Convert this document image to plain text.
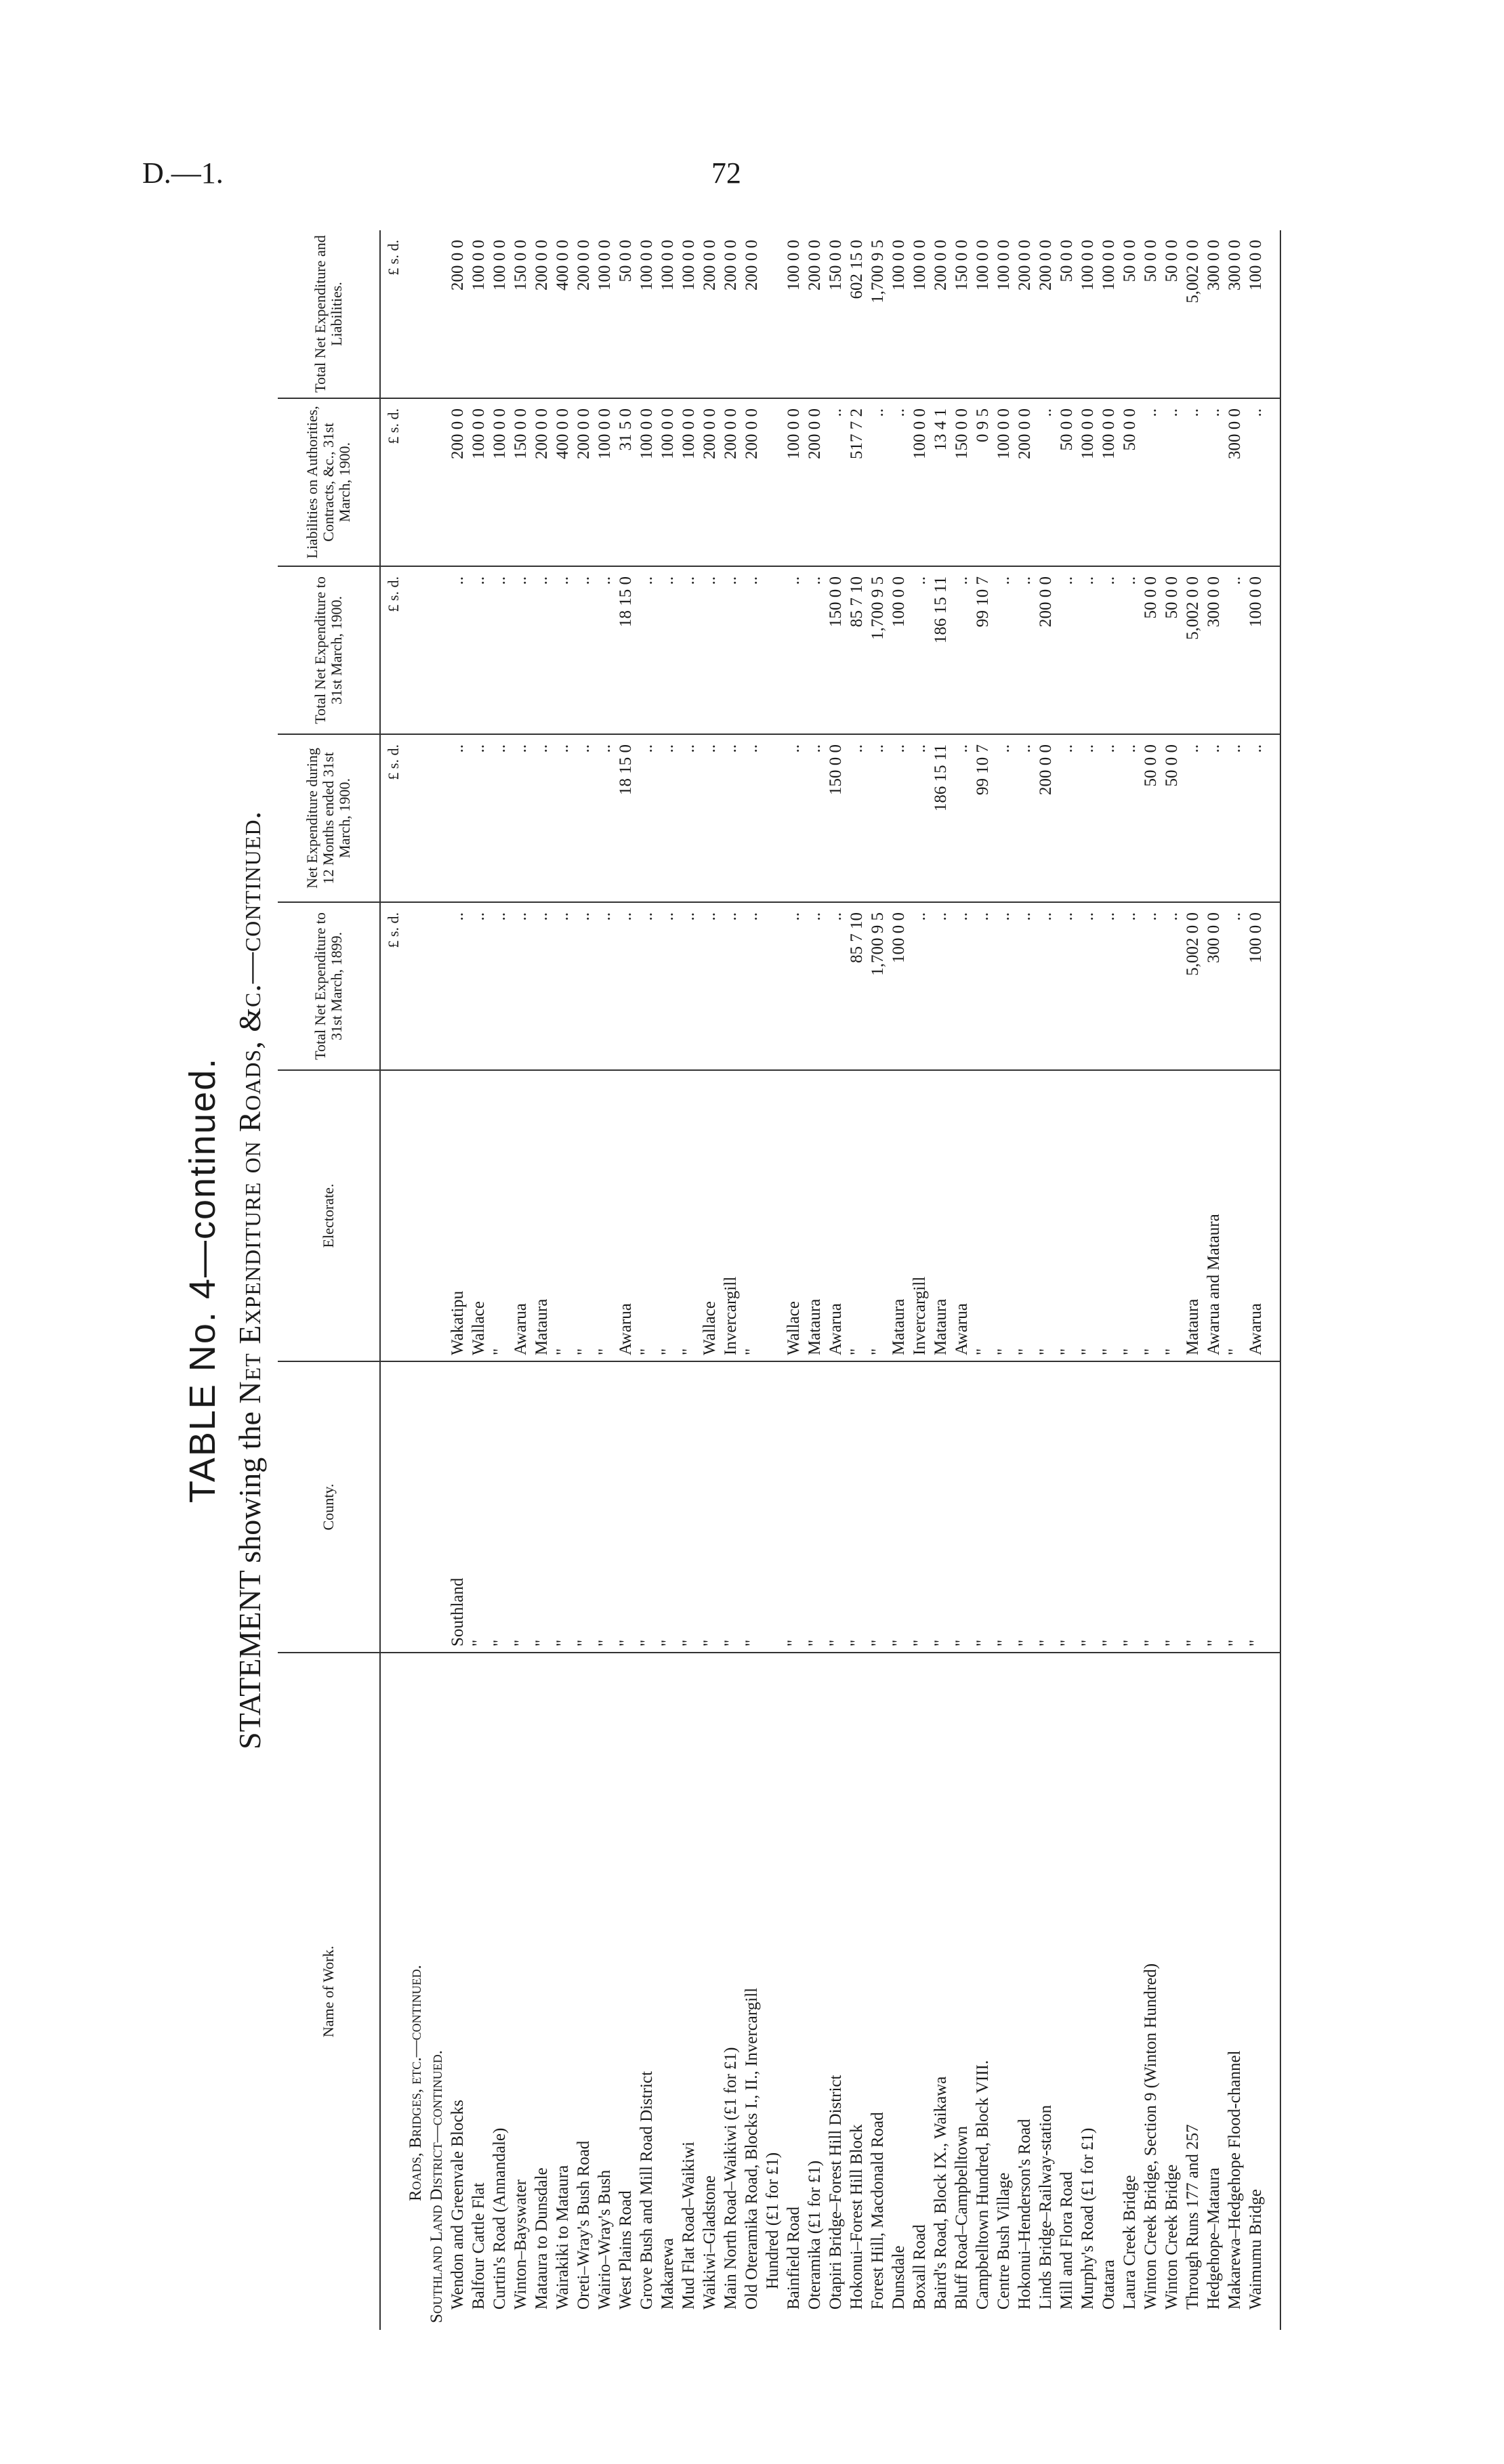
D.—1.	72
TABLE No. 4—continued.
STATEMENT showing the Net Expenditure on Roads, &c.—continued.
Name of Work.	County.	Electorate.	Total Net Expenditure to 31st March, 1899.	Net Expenditure during 12 Months ended 31st March, 1900.	Total Net Expenditure to 31st March, 1900.	Liabilities on Authorities, Contracts, &c., 31st March, 1900.	Total Net Expenditure and Liabilities.
			£ s. d.	£ s. d.	£ s. d.	£ s. d.	£ s. d.
Roads, Bridges, etc.—continued.							
Southland Land District—continued.							
Wendon and Greenvale Blocks	Southland	Wakatipu	..	..	..	200 0 0	200 0 0
Balfour Cattle Flat	"	Wallace	..	..	..	100 0 0	100 0 0
Curtin's Road (Annandale)	"	"	..	..	..	100 0 0	100 0 0
Winton–Bayswater	"	Awarua	..	..	..	150 0 0	150 0 0
Mataura to Dunsdale	"	Mataura	..	..	..	200 0 0	200 0 0
Wairakiki to Mataura	"	"	..	..	..	400 0 0	400 0 0
Oreti–Wray's Bush Road	"	"	..	..	..	200 0 0	200 0 0
Wairio–Wray's Bush	"	"	..	..	..	100 0 0	100 0 0
West Plains Road	"	Awarua	..	18 15 0	18 15 0	31 5 0	50 0 0
Grove Bush and Mill Road District	"	"	..	..	..	100 0 0	100 0 0
Makarewa	"	"	..	..	..	100 0 0	100 0 0
Mud Flat Road–Waikiwi	"	"	..	..	..	100 0 0	100 0 0
Waikiwi–Gladstone	"	Wallace	..	..	..	200 0 0	200 0 0
Main North Road–Waikiwi (£1 for £1)	"	Invercargill	..	..	..	200 0 0	200 0 0
Old Oteramika Road, Blocks I., II., Invercargill	"	"	..	..	..	200 0 0	200 0 0
Hundred (£1 for £1)							
Bainfield Road	"	Wallace	..	..	..	100 0 0	100 0 0
Oteramika (£1 for £1)	"	Mataura	..	..	..	200 0 0	200 0 0
Otapiri Bridge–Forest Hill District	"	Awarua	..	150 0 0	150 0 0	..	150 0 0
Hokonui–Forest Hill Block	"	"	85 7 10	..	85 7 10	517 7 2	602 15 0
Forest Hill, Macdonald Road	"	"	1,700 9 5	..	1,700 9 5	..	1,700 9 5
Dunsdale	"	Mataura	100 0 0	..	100 0 0	..	100 0 0
Boxall Road	"	Invercargill	..	..	..	100 0 0	100 0 0
Baird's Road, Block IX., Waikawa	"	Mataura	..	186 15 11	186 15 11	13 4 1	200 0 0
Bluff Road–Campbelltown	"	Awarua	..	..	..	150 0 0	150 0 0
Campbelltown Hundred, Block VIII.	"	"	..	99 10 7	99 10 7	0 9 5	100 0 0
Centre Bush Village	"	"	..	..	..	100 0 0	100 0 0
Hokonui–Henderson's Road	"	"	..	..	..	200 0 0	200 0 0
Linds Bridge–Railway-station	"	"	..	200 0 0	200 0 0	..	200 0 0
Mill and Flora Road	"	"	..	..	..	50 0 0	50 0 0
Murphy's Road (£1 for £1)	"	"	..	..	..	100 0 0	100 0 0
Otatara	"	"	..	..	..	100 0 0	100 0 0
Laura Creek Bridge	"	"	..	..	..	50 0 0	50 0 0
Winton Creek Bridge, Section 9 (Winton Hundred)	"	"	..	50 0 0	50 0 0	..	50 0 0
Winton Creek Bridge	"	"	..	50 0 0	50 0 0	..	50 0 0
Through Runs 177 and 257	"	Mataura	5,002 0 0	..	5,002 0 0	..	5,002 0 0
Hedgehope–Mataura	"	Awarua and Mataura	300 0 0	..	300 0 0	..	300 0 0
Makarewa–Hedgehope Flood-channel	"	"	..	..	..	300 0 0	300 0 0
Waimumu Bridge	"	Awarua	100 0 0	..	100 0 0	..	100 0 0
